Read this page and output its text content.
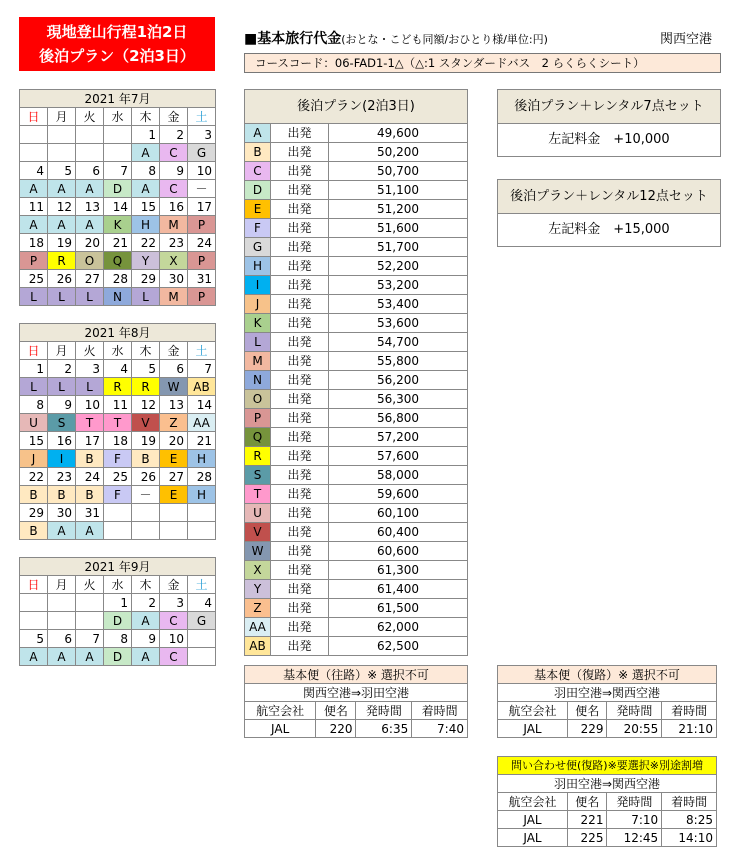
現地登山行程1泊2日
後泊プラン（2泊3日）
■基本旅行代金(おとな・こども同額/おひとり様/単位:円)	関西空港
コースコード：06-FAD1-1△（△:1 スタンダードバス　2 らくらくシート）
2021 年7月						
日	月	火	水	木	金	土
				1	2	3
				A	C	G
4	5	6	7	8	9	10
A	A	A	D	A	C	－
11	12	13	14	15	16	17
A	A	A	K	H	M	P
18	19	20	21	22	23	24
P	R	O	Q	Y	X	P
25	26	27	28	29	30	31
L	L	L	N	L	M	P
2021 年8月						
日	月	火	水	木	金	土
1	2	3	4	5	6	7
L	L	L	R	R	W	AB
8	9	10	11	12	13	14
U	S	T	T	V	Z	AA
15	16	17	18	19	20	21
J	I	B	F	B	E	H
22	23	24	25	26	27	28
B	B	B	F	－	E	H
29	30	31				
B	A	A				
2021 年9月						
日	月	火	水	木	金	土
			1	2	3	4
			D	A	C	G
5	6	7	8	9	10	
A	A	A	D	A	C	
後泊プラン(2泊3日)		
A	出発	49,600
B	出発	50,200
C	出発	50,700
D	出発	51,100
E	出発	51,200
F	出発	51,600
G	出発	51,700
H	出発	52,200
I	出発	53,200
J	出発	53,400
K	出発	53,600
L	出発	54,700
M	出発	55,800
N	出発	56,200
O	出発	56,300
P	出発	56,800
Q	出発	57,200
R	出発	57,600
S	出発	58,000
T	出発	59,600
U	出発	60,100
V	出発	60,400
W	出発	60,600
X	出発	61,300
Y	出発	61,400
Z	出発	61,500
AA	出発	62,000
AB	出発	62,500
後泊プラン＋レンタル7点セット
左記料金　+10,000
後泊プラン＋レンタル12点セット
左記料金　+15,000
基本便（往路）※ 選択不可			
関西空港⇒羽田空港			
航空会社	便名	発時間	着時間
JAL	220	6:35	7:40
基本便（復路）※ 選択不可			
羽田空港⇒関西空港			
航空会社	便名	発時間	着時間
JAL	229	20:55	21:10
問い合わせ便(復路)※要選択※別途割増			
羽田空港⇒関西空港			
航空会社	便名	発時間	着時間
JAL	221	7:10	8:25
JAL	225	12:45	14:10
